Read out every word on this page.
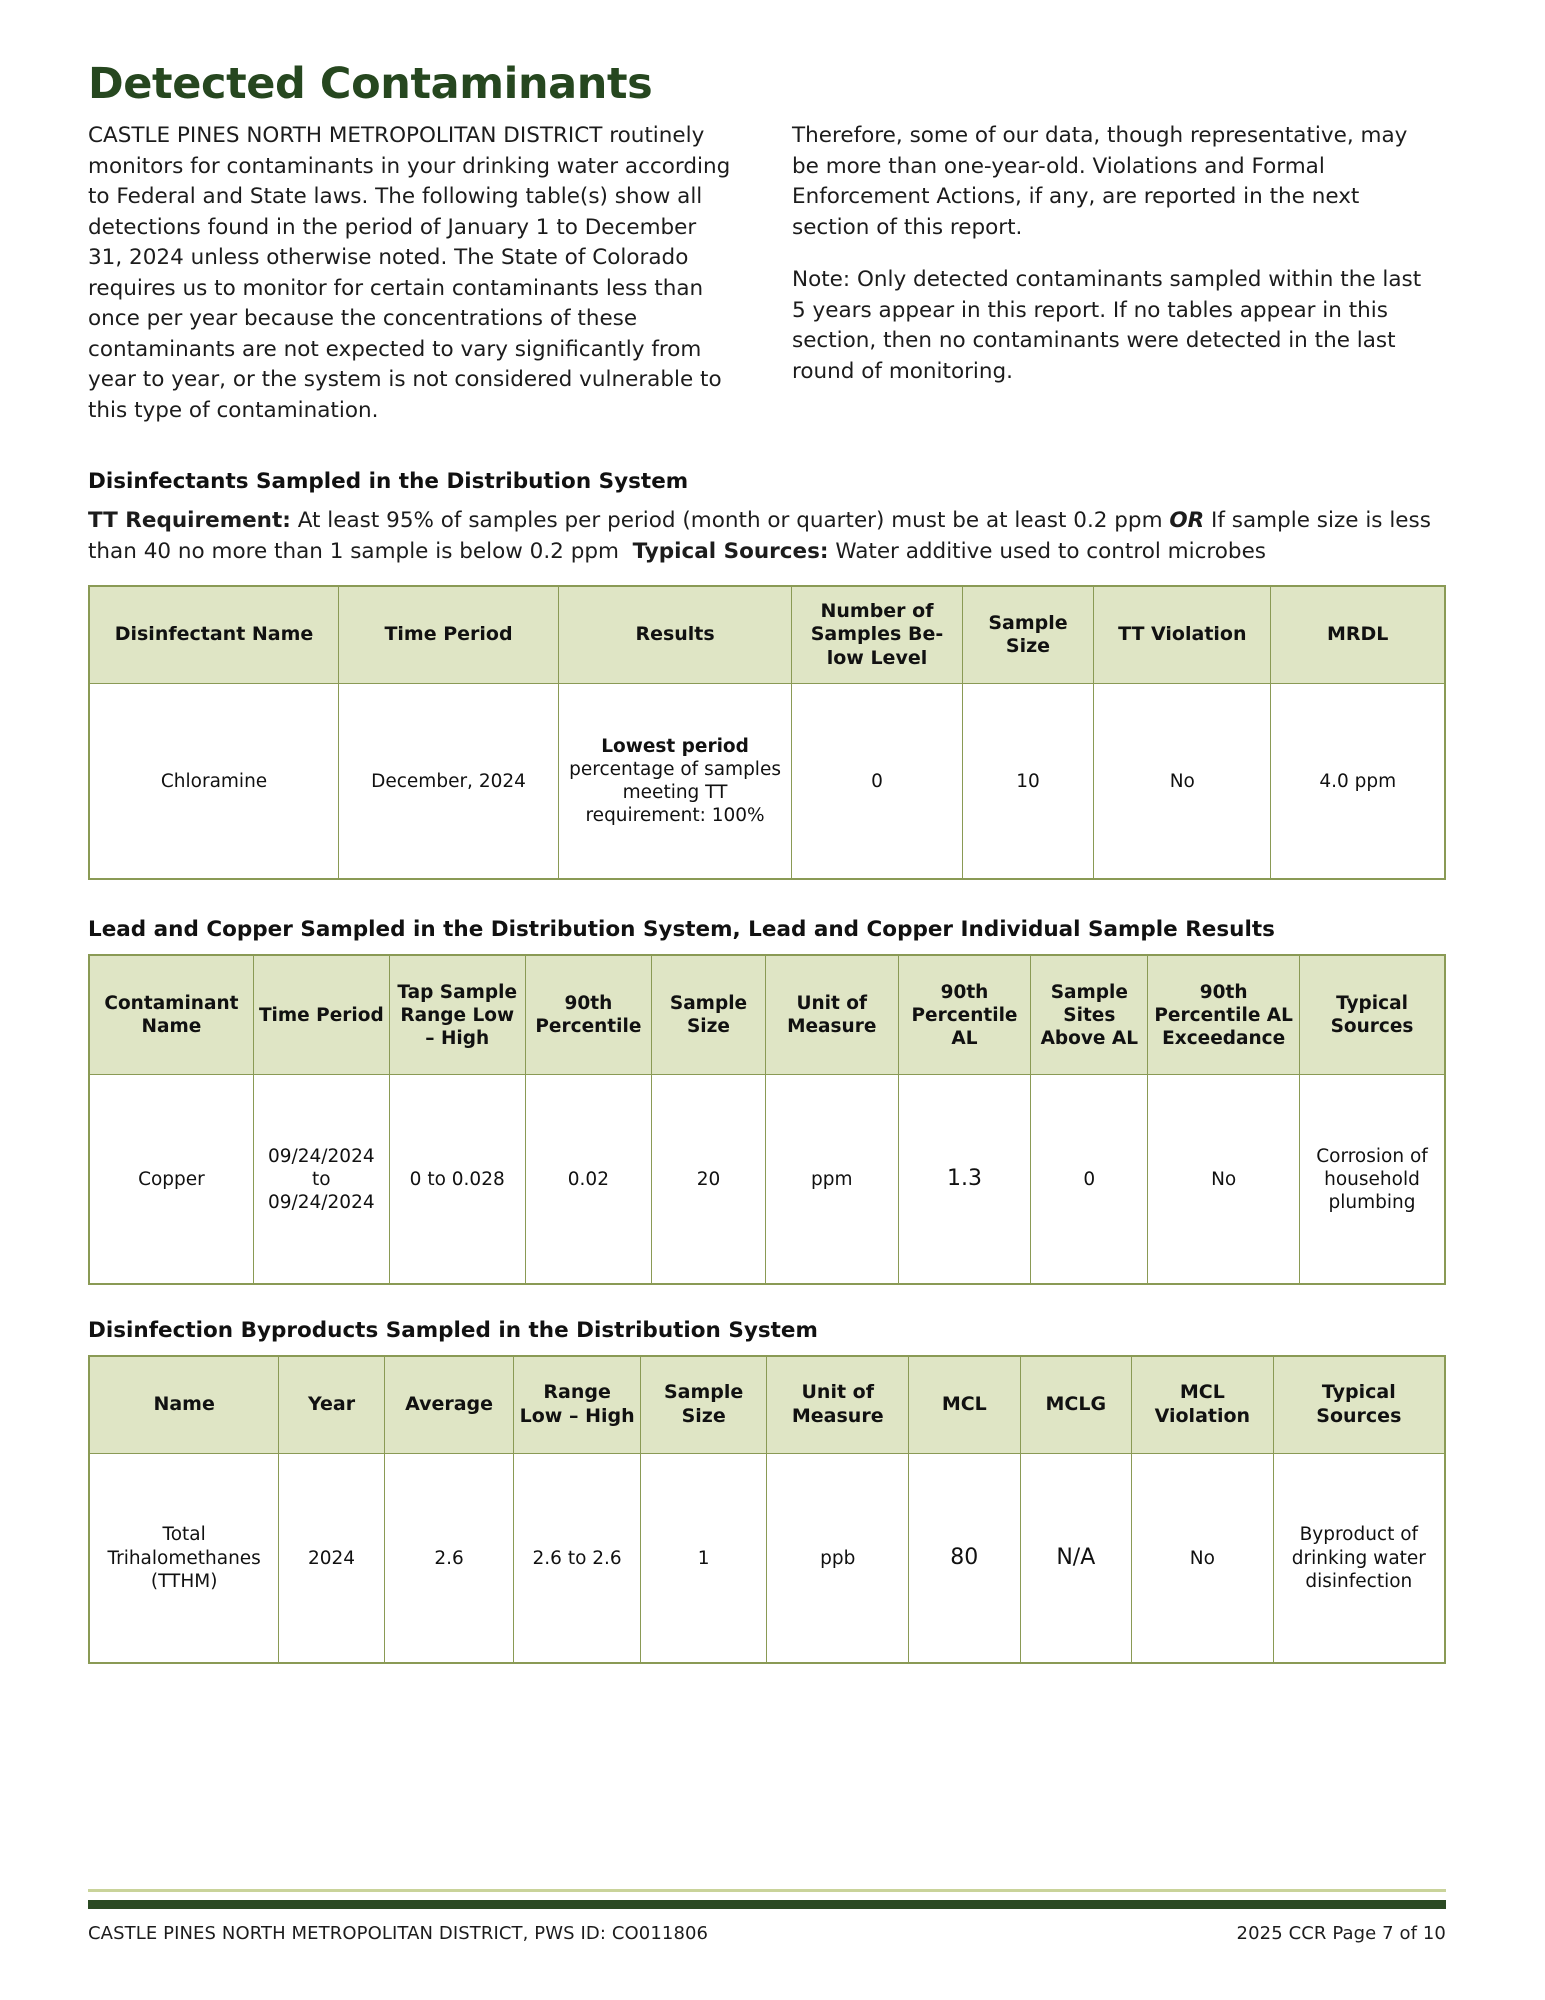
Detected Contaminants

CASTLE PINES NORTH METROPOLITAN DISTRICT routinely monitors for contaminants in your drinking water according to Federal and State laws. The following table(s) show all detections found in the period of January 1 to December 31, 2024 unless otherwise noted. The State of Colorado requires us to monitor for certain contaminants less than once per year because the concentrations of these contaminants are not expected to vary significantly from year to year, or the system is not considered vulnerable to this type of contamination.

Therefore, some of our data, though representative, may be more than one-year-old. Violations and Formal Enforcement Actions, if any, are reported in the next section of this report.

Note: Only detected contaminants sampled within the last 5 years appear in this report. If no tables appear in this section, then no contaminants were detected in the last round of monitoring.

Disinfectants Sampled in the Distribution System
TT Requirement: At least 95% of samples per period (month or quarter) must be at least 0.2 ppm OR If sample size is less than 40 no more than 1 sample is below 0.2 ppm  Typical Sources: Water additive used to control microbes
Disinfectant Name	Time Period	Results	Number of Samples Be-low Level	Sample Size	TT Violation	MRDL
Chloramine	December, 2024	Lowest period percentage of samples meeting TT requirement: 100%	0	10	No	4.0 ppm
Lead and Copper Sampled in the Distribution System, Lead and Copper Individual Sample Results
Contaminant Name	Time Period	Tap Sample Range Low – High	90th Percentile	Sample Size	Unit of Measure	90th Percentile AL	Sample Sites Above AL	90th Percentile AL Exceedance	Typical Sources
Copper	09/24/2024 to 09/24/2024	0 to 0.028	0.02	20	ppm	1.3	0	No	Corrosion of household plumbing
Disinfection Byproducts Sampled in the Distribution System
Name	Year	Average	Range Low – High	Sample Size	Unit of Measure	MCL	MCLG	MCL Violation	Typical Sources
Total Trihalomethanes (TTHM)	2024	2.6	2.6 to 2.6	1	ppb	80	N/A	No	Byproduct of drinking water disinfection
CASTLE PINES NORTH METROPOLITAN DISTRICT, PWS ID: CO011806	2025 CCR Page 7 of 10
